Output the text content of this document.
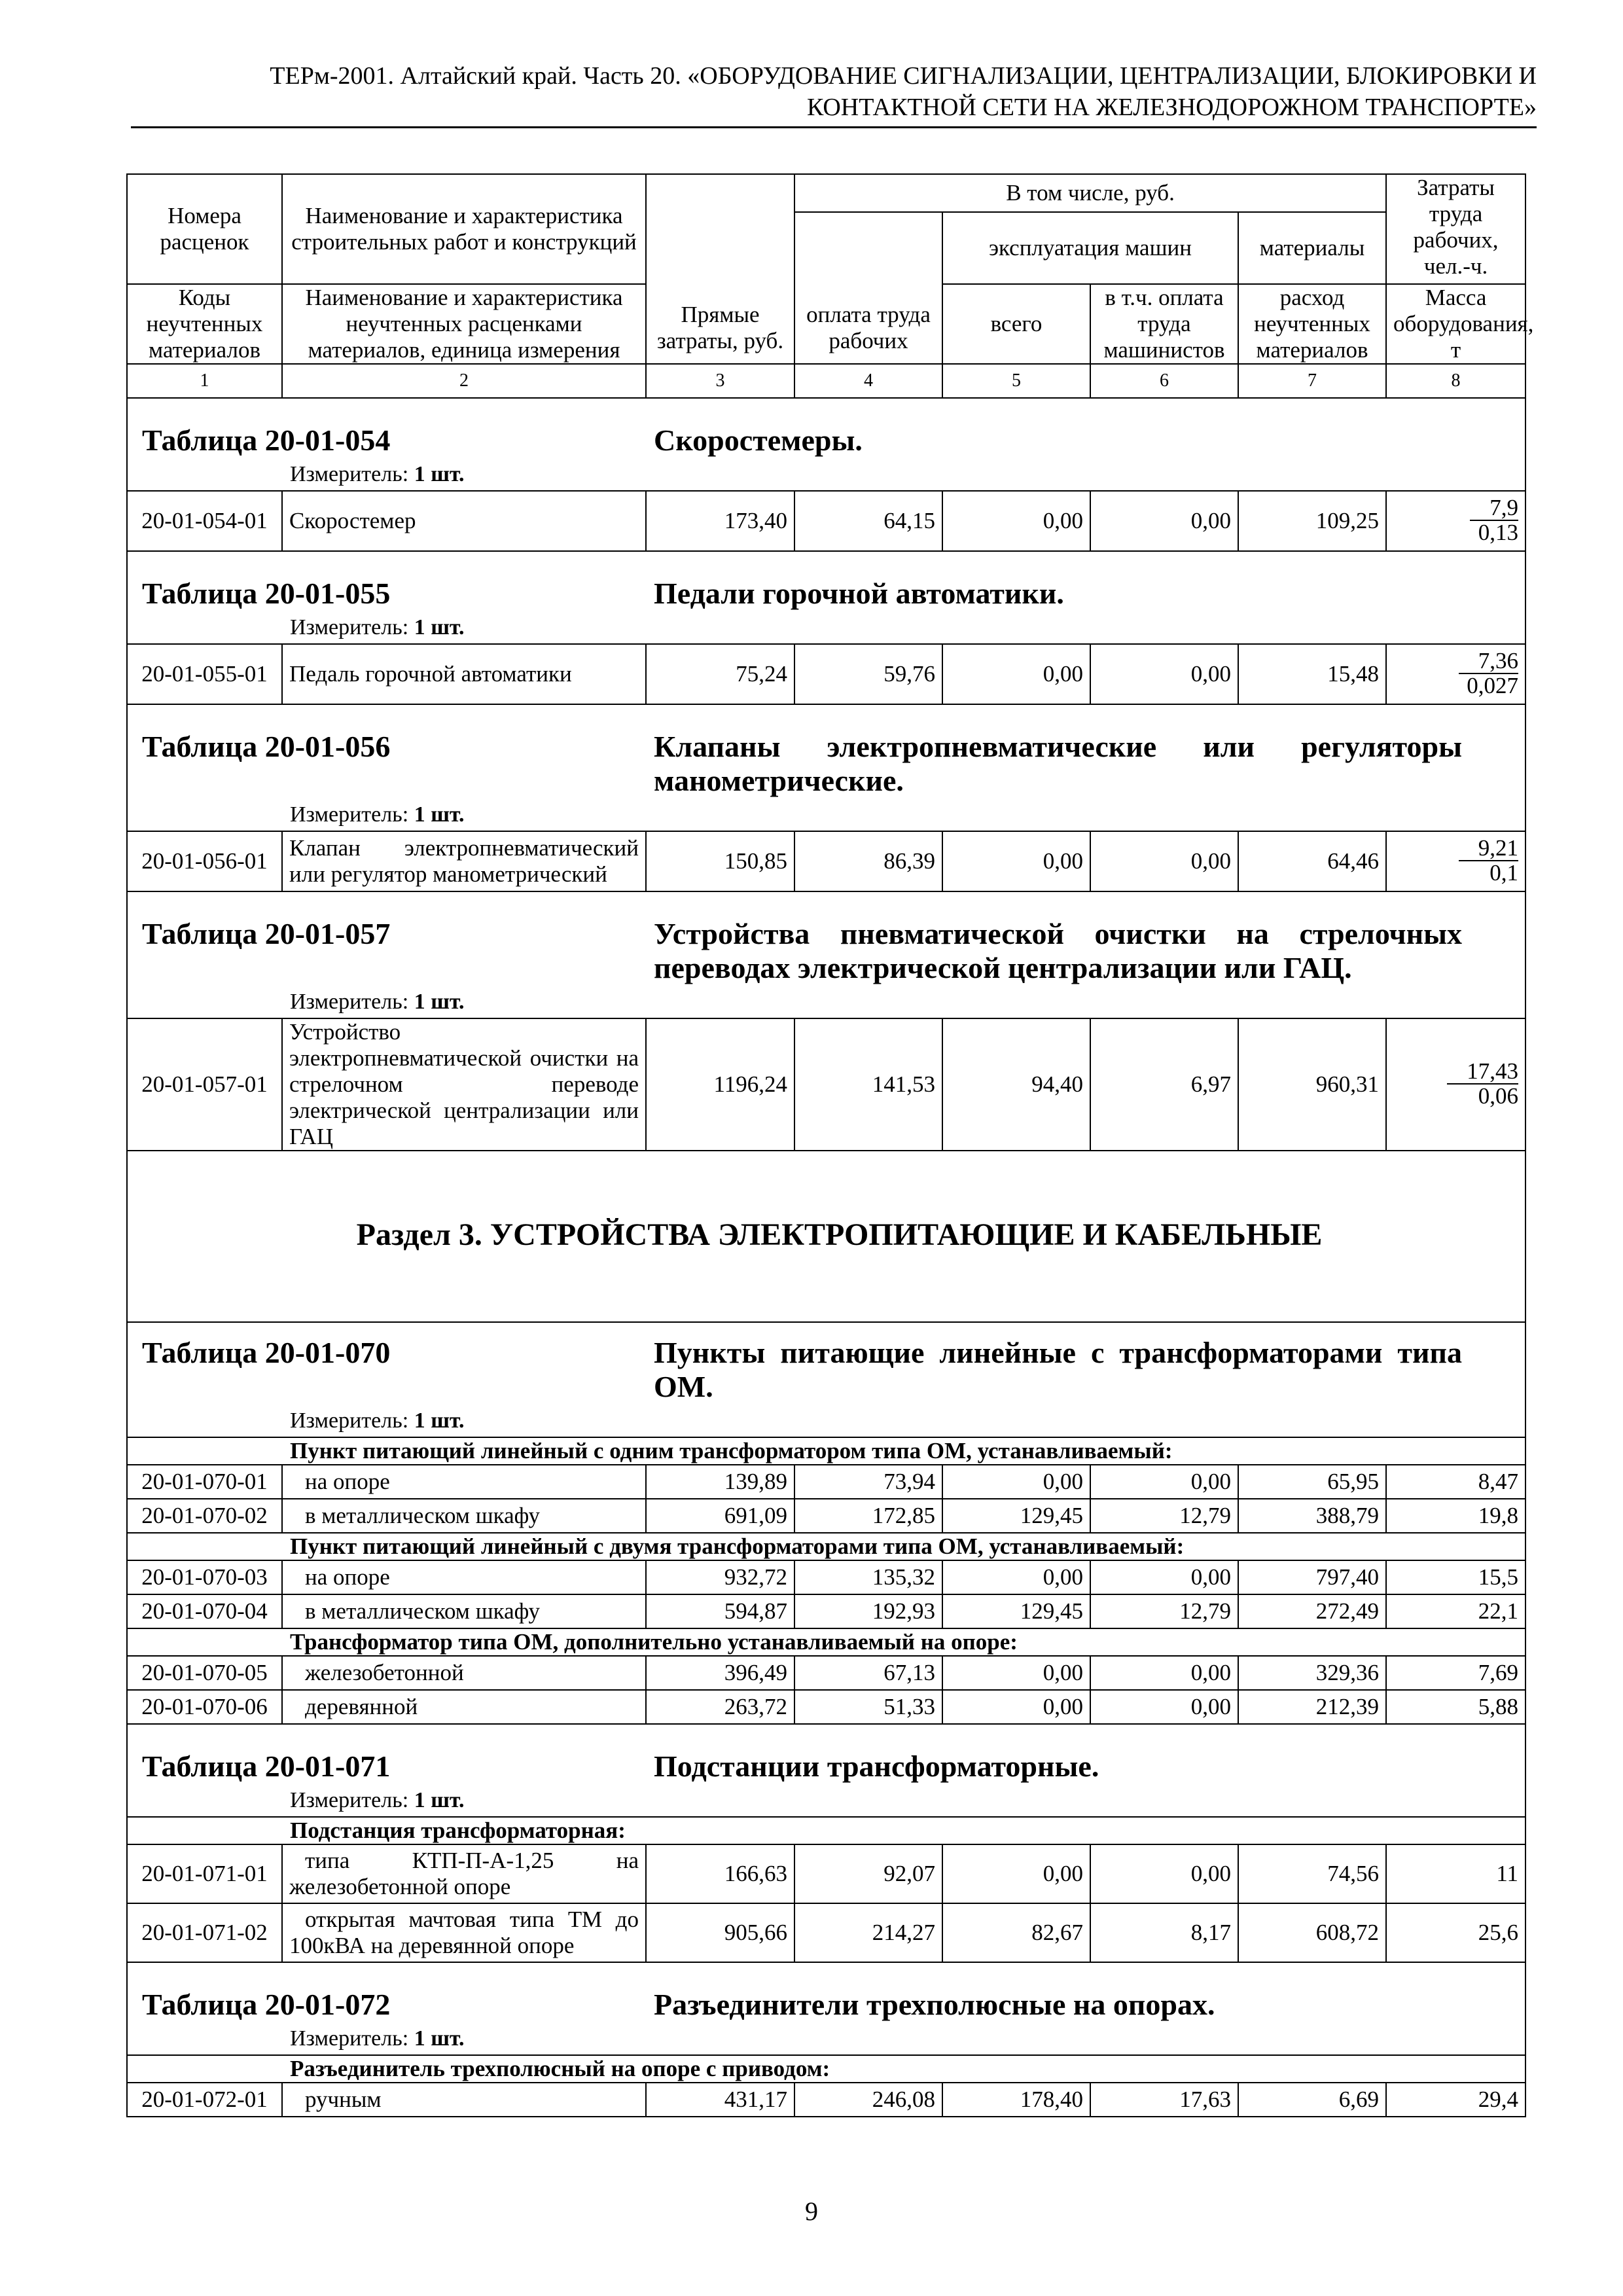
ТЕРм-2001. Алтайский край. Часть 20. «ОБОРУДОВАНИЕ СИГНАЛИЗАЦИИ, ЦЕНТРАЛИЗАЦИИ, БЛОКИРОВКИ И
КОНТАКТНОЙ СЕТИ НА ЖЕЛЕЗНОДОРОЖНОМ ТРАНСПОРТЕ»
Номера расценок	Наименование и характеристика строительных работ и конструкций	Прямые затраты, руб.	В том числе, руб.				Затраты труда рабочих, чел.-ч.
			оплата труда рабочих	эксплуатация машин		материалы	
Коды неучтенных материалов	Наименование и характеристика неучтенных расценками материалов, единица измерения			всего	в т.ч. оплата труда машинистов	расход неучтенных материалов	Масса оборудования, т
1	2	3	4	5	6	7	8

Таблица 20-01-054 Скоростемеры.							

Измеритель: 1 шт.							

20-01-054-01	Скоростемер	173,40	64,15	0,00	0,00	109,25	$\frac{7,9}{0,13}$

Таблица 20-01-055 Педали горочной автоматики.							

Измеритель: 1 шт.							

20-01-055-01	Педаль горочной автоматики	75,24	59,76	0,00	0,00	15,48	$\frac{7,36}{0,027}$

Таблица 20-01-056 Клапаны электропневматические или регуляторы манометрические.							

Измеритель: 1 шт.							

20-01-056-01	Клапан электропневматический или регулятор манометрический	150,85	86,39	0,00	0,00	64,46	$\frac{9,21}{0,1}$

Таблица 20-01-057 Устройства пневматической очистки на стрелочных переводах электрической централизации или ГАЦ.							

Измеритель: 1 шт.							

20-01-057-01	Устройство электропневматической очистки на стрелочном переводе электрической централизации или ГАЦ	1196,24	141,53	94,40	6,97	960,31	$\frac{17,43}{0,06}$

Раздел 3. УСТРОЙСТВА ЭЛЕКТРОПИТАЮЩИЕ И КАБЕЛЬНЫЕ							

Таблица 20-01-070 Пункты питающие линейные с трансформаторами типа ОМ.							

Измеритель: 1 шт.							

Пункт питающий линейный с одним трансформатором типа ОМ, устанавливаемый:							
20-01-070-01	на опоре	139,89	73,94	0,00	0,00	65,95	8,47
20-01-070-02	в металлическом шкафу	691,09	172,85	129,45	12,79	388,79	19,8
Пункт питающий линейный с двумя трансформаторами типа ОМ, устанавливаемый:							
20-01-070-03	на опоре	932,72	135,32	0,00	0,00	797,40	15,5
20-01-070-04	в металлическом шкафу	594,87	192,93	129,45	12,79	272,49	22,1
Трансформатор типа ОМ, дополнительно устанавливаемый на опоре:							
20-01-070-05	железобетонной	396,49	67,13	0,00	0,00	329,36	7,69
20-01-070-06	деревянной	263,72	51,33	0,00	0,00	212,39	5,88

Таблица 20-01-071 Подстанции трансформаторные.							

Измеритель: 1 шт.							

Подстанция трансформаторная:							
20-01-071-01	типа КТП-П-А-1,25 на железобетонной опоре	166,63	92,07	0,00	0,00	74,56	11
20-01-071-02	открытая мачтовая типа ТМ до 100кВА на деревянной опоре	905,66	214,27	82,67	8,17	608,72	25,6

Таблица 20-01-072 Разъединители трехполюсные на опорах.							

Измеритель: 1 шт.							

Разъединитель трехполюсный на опоре с приводом:							
20-01-072-01	ручным	431,17	246,08	178,40	17,63	6,69	29,4
9
